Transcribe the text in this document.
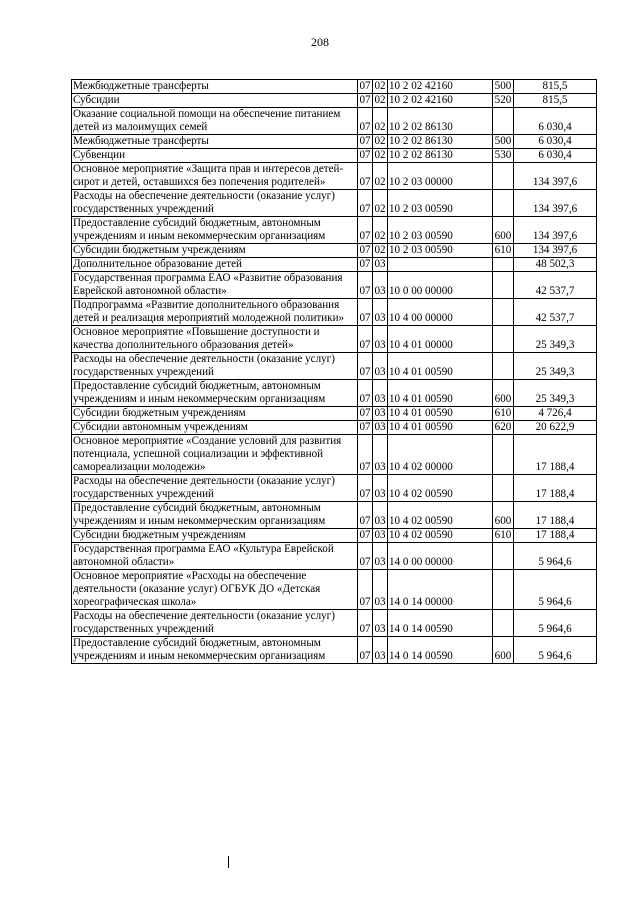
208
Межбюджетные трансферты	07	02	10 2 02 42160	500	815,5
Субсидии	07	02	10 2 02 42160	520	815,5
Оказание социальной помощи на обеспечение питанием детей из малоимущих семей	07	02	10 2 02 86130		6 030,4
Межбюджетные трансферты	07	02	10 2 02 86130	500	6 030,4
Субвенции	07	02	10 2 02 86130	530	6 030,4
Основное мероприятие «Защита прав и интересов детей-сирот и детей, оставшихся без попечения родителей»	07	02	10 2 03 00000		134 397,6
Расходы на обеспечение деятельности (оказание услуг) государственных учреждений	07	02	10 2 03 00590		134 397,6
Предоставление субсидий бюджетным, автономным учреждениям и иным некоммерческим организациям	07	02	10 2 03 00590	600	134 397,6
Субсидии бюджетным учреждениям	07	02	10 2 03 00590	610	134 397,6
Дополнительное образование детей	07	03			48 502,3
Государственная программа ЕАО «Развитие образования Еврейской автономной области»	07	03	10 0 00 00000		42 537,7
Подпрограмма «Развитие дополнительного образования детей и реализация мероприятий молодежной политики»	07	03	10 4 00 00000		42 537,7
Основное мероприятие «Повышение доступности и качества дополнительного образования детей»	07	03	10 4 01 00000		25 349,3
Расходы на обеспечение деятельности (оказание услуг) государственных учреждений	07	03	10 4 01 00590		25 349,3
Предоставление субсидий бюджетным, автономным учреждениям и иным некоммерческим организациям	07	03	10 4 01 00590	600	25 349,3
Субсидии бюджетным учреждениям	07	03	10 4 01 00590	610	4 726,4
Субсидии автономным учреждениям	07	03	10 4 01 00590	620	20 622,9
Основное мероприятие «Создание условий для развития потенциала, успешной социализации и эффективной самореализации молодежи»	07	03	10 4 02 00000		17 188,4
Расходы на обеспечение деятельности (оказание услуг) государственных учреждений	07	03	10 4 02 00590		17 188,4
Предоставление субсидий бюджетным, автономным учреждениям и иным некоммерческим организациям	07	03	10 4 02 00590	600	17 188,4
Субсидии бюджетным учреждениям	07	03	10 4 02 00590	610	17 188,4
Государственная программа ЕАО «Культура Еврейской автономной области»	07	03	14 0 00 00000		5 964,6
Основное мероприятие «Расходы на обеспечение деятельности (оказание услуг) ОГБУК ДО «Детская хореографическая школа»	07	03	14 0 14 00000		5 964,6
Расходы на обеспечение деятельности (оказание услуг) государственных учреждений	07	03	14 0 14 00590		5 964,6
Предоставление субсидий бюджетным, автономным учреждениям и иным некоммерческим организациям	07	03	14 0 14 00590	600	5 964,6
